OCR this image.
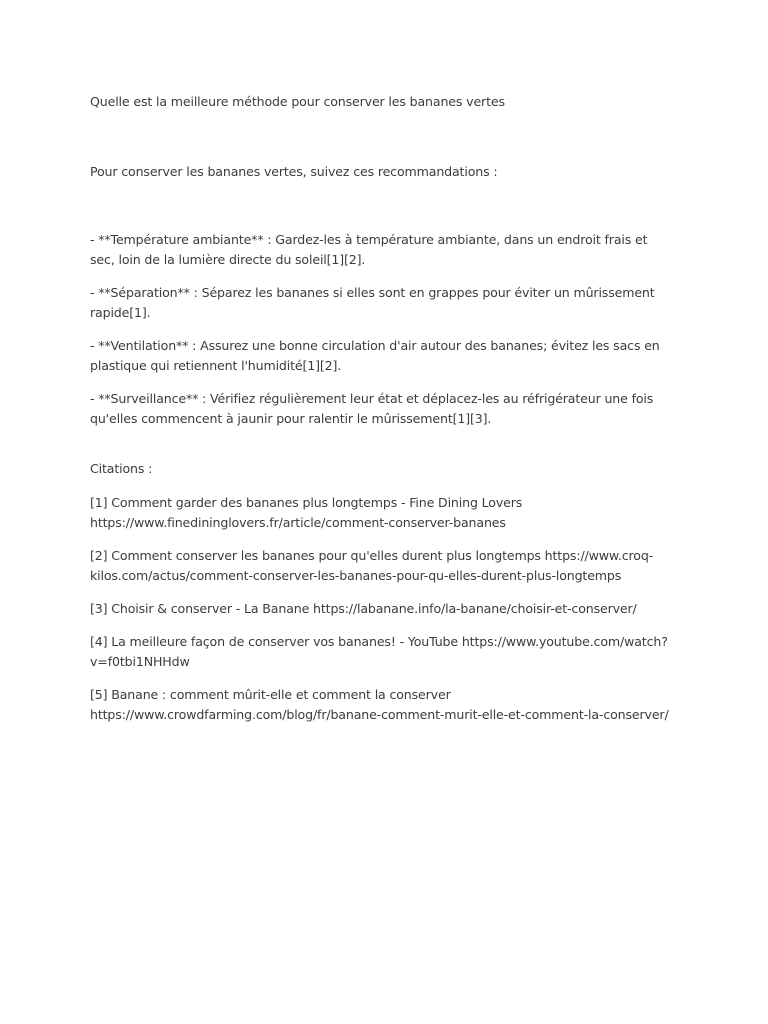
Quelle est la meilleure méthode pour conserver les bananes vertes

Pour conserver les bananes vertes, suivez ces recommandations :

- **Température ambiante** : Gardez-les à température ambiante, dans un endroit frais et sec, loin de la lumière directe du soleil[1][2].

- **Séparation** : Séparez les bananes si elles sont en grappes pour éviter un mûrissement rapide[1].

- **Ventilation** : Assurez une bonne circulation d'air autour des bananes; évitez les sacs en plastique qui retiennent l'humidité[1][2].

- **Surveillance** : Vérifiez régulièrement leur état et déplacez-les au réfrigérateur une fois qu'elles commencent à jaunir pour ralentir le mûrissement[1][3].

Citations :

[1] Comment garder des bananes plus longtemps - Fine Dining Lovers https://www.finedininglovers.fr/article/comment-conserver-bananes

[2] Comment conserver les bananes pour qu'elles durent plus longtemps https://www.croq-kilos.com/actus/comment-conserver-les-bananes-pour-qu-elles-durent-plus-longtemps

[3] Choisir & conserver - La Banane https://labanane.info/la-banane/choisir-et-conserver/

[4] La meilleure façon de conserver vos bananes! - YouTube https://www.youtube.com/watch?v=f0tbi1NHHdw

[5] Banane : comment mûrit-elle et comment la conserver https://www.crowdfarming.com/blog/fr/banane-comment-murit-elle-et-comment-la-conserver/
